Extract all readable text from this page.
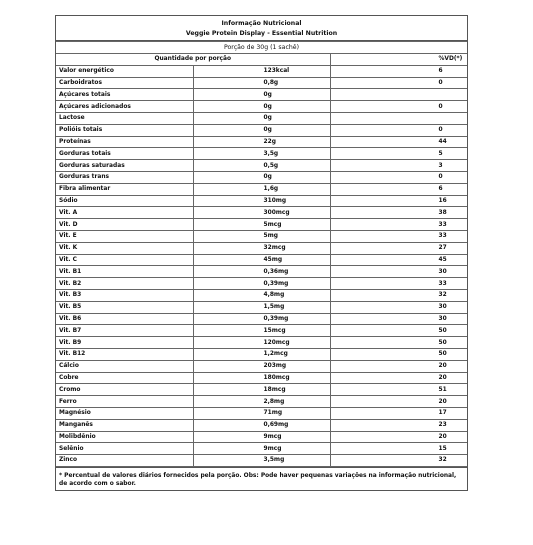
Informação Nutricional
Veggie Protein Display - Essential Nutrition
Porção de 30g (1 sachê)		
Quantidade por porção		%VD(*)
Valor energético	123kcal	6
Carboidratos	0,8g	0
Açúcares totais	0g	
Açúcares adicionados	0g	0
Lactose	0g	
Polióis totais	0g	0
Proteínas	22g	44
Gorduras totais	3,5g	5
Gorduras saturadas	0,5g	3
Gorduras trans	0g	0
Fibra alimentar	1,6g	6
Sódio	310mg	16
Vit. A	300mcg	38
Vit. D	5mcg	33
Vit. E	5mg	33
Vit. K	32mcg	27
Vit. C	45mg	45
Vit. B1	0,36mg	30
Vit. B2	0,39mg	33
Vit. B3	4,8mg	32
Vit. B5	1,5mg	30
Vit. B6	0,39mg	30
Vit. B7	15mcg	50
Vit. B9	120mcg	50
Vit. B12	1,2mcg	50
Cálcio	203mg	20
Cobre	180mcg	20
Cromo	18mcg	51
Ferro	2,8mg	20
Magnésio	71mg	17
Manganês	0,69mg	23
Molibdênio	9mcg	20
Selênio	9mcg	15
Zinco	3,5mg	32
* Percentual de valores diários fornecidos pela porção. Obs: Pode haver pequenas variações na informação nutricional, de acordo com o sabor.
